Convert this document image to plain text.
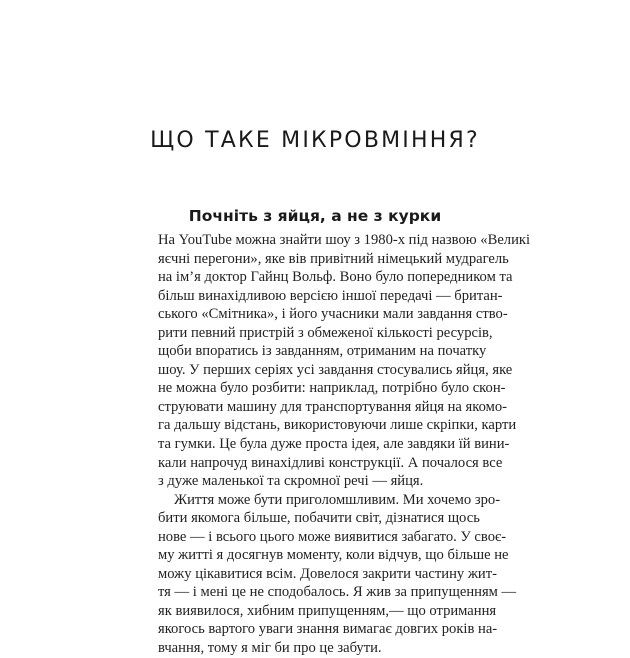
ЩО ТАКЕ МІКРОВМІННЯ?
Почніть з яйця, а не з курки
На YouTube можна знайти шоу з 1980-х під назвою «Великі
яєчні перегони», яке вів привітний німецький мудрагель
на ім’я доктор Гайнц Вольф. Воно було попередником та
більш винахідливою версією іншої передачі — британ-
ського «Смітника», і його учасники мали завдання ство-
рити певний пристрій з обмеженої кількості ресурсів,
щоби впоратись із завданням, отриманим на початку
шоу. У перших серіях усі завдання стосувались яйця, яке
не можна було розбити: наприклад, потрібно було скон-
струювати машину для транспортування яйця на якомо-
га дальшу відстань, використовуючи лише скріпки, карти
та гумки. Це була дуже проста ідея, але завдяки їй вини-
кали напрочуд винахідливі конструкції. А почалося все
з дуже маленької та скромної речі — яйця.
Життя може бути приголомшливим. Ми хочемо зро-
бити якомога більше, побачити світ, дізнатися щось
нове — і всього цього може виявитися забагато. У своє-
му житті я досягнув моменту, коли відчув, що більше не
можу цікавитися всім. Довелося закрити частину жит-
тя — і мені це не сподобалось. Я жив за припущенням —
як виявилося, хибним припущенням,— що отримання
якогось вартого уваги знання вимагає довгих років на-
вчання, тому я міг би про це забути.
